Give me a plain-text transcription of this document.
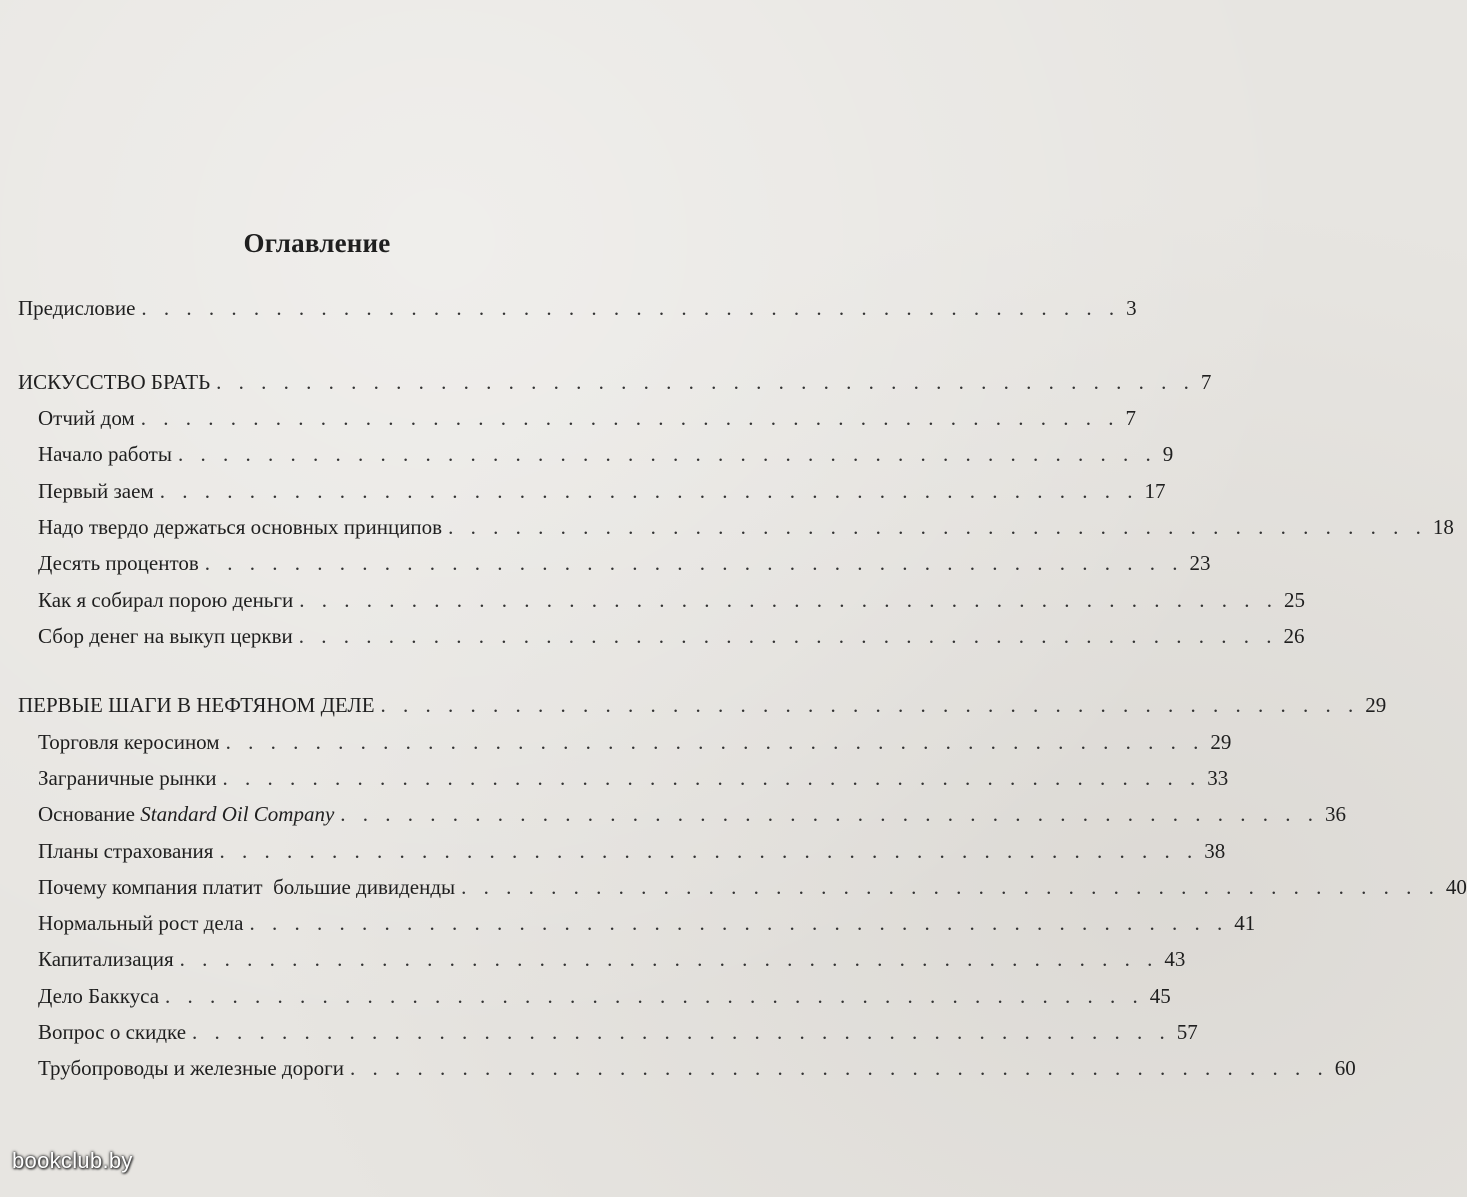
Оглавление
Предисловие . . . . . . . . . . . . . . . . . . . . . . . . . . . . . . . . . . . . . . . . . . . . 3
ИСКУССТВО БРАТЬ . . . . . . . . . . . . . . . . . . . . . . . . . . . . . . . . . . . . . . . . . . . . 7
Отчий дом . . . . . . . . . . . . . . . . . . . . . . . . . . . . . . . . . . . . . . . . . . . . 7
Начало работы . . . . . . . . . . . . . . . . . . . . . . . . . . . . . . . . . . . . . . . . . . . . 9
Первый заем . . . . . . . . . . . . . . . . . . . . . . . . . . . . . . . . . . . . . . . . . . . . 17
Надо твердо держаться основных принципов . . . . . . . . . . . . . . . . . . . . . . . . . . . . . . . . . . . . . . . . . . . . 18
Десять процентов . . . . . . . . . . . . . . . . . . . . . . . . . . . . . . . . . . . . . . . . . . . . 23
Как я собирал порою деньги . . . . . . . . . . . . . . . . . . . . . . . . . . . . . . . . . . . . . . . . . . . . 25
Сбор денег на выкуп церкви . . . . . . . . . . . . . . . . . . . . . . . . . . . . . . . . . . . . . . . . . . . . 26
ПЕРВЫЕ ШАГИ В НЕФТЯНОМ ДЕЛЕ . . . . . . . . . . . . . . . . . . . . . . . . . . . . . . . . . . . . . . . . . . . . 29
Торговля керосином . . . . . . . . . . . . . . . . . . . . . . . . . . . . . . . . . . . . . . . . . . . . 29
Заграничные рынки . . . . . . . . . . . . . . . . . . . . . . . . . . . . . . . . . . . . . . . . . . . . 33
Основание Standard Oil Company . . . . . . . . . . . . . . . . . . . . . . . . . . . . . . . . . . . . . . . . . . . . 36
Планы страхования . . . . . . . . . . . . . . . . . . . . . . . . . . . . . . . . . . . . . . . . . . . . 38
Почему компания платит  большие дивиденды . . . . . . . . . . . . . . . . . . . . . . . . . . . . . . . . . . . . . . . . . . . . 40
Нормальный рост дела . . . . . . . . . . . . . . . . . . . . . . . . . . . . . . . . . . . . . . . . . . . . 41
Капитализация . . . . . . . . . . . . . . . . . . . . . . . . . . . . . . . . . . . . . . . . . . . . 43
Дело Баккуса . . . . . . . . . . . . . . . . . . . . . . . . . . . . . . . . . . . . . . . . . . . . 45
Вопрос о скидке . . . . . . . . . . . . . . . . . . . . . . . . . . . . . . . . . . . . . . . . . . . . 57
Трубопроводы и железные дороги . . . . . . . . . . . . . . . . . . . . . . . . . . . . . . . . . . . . . . . . . . . . 60
bookclub.by
